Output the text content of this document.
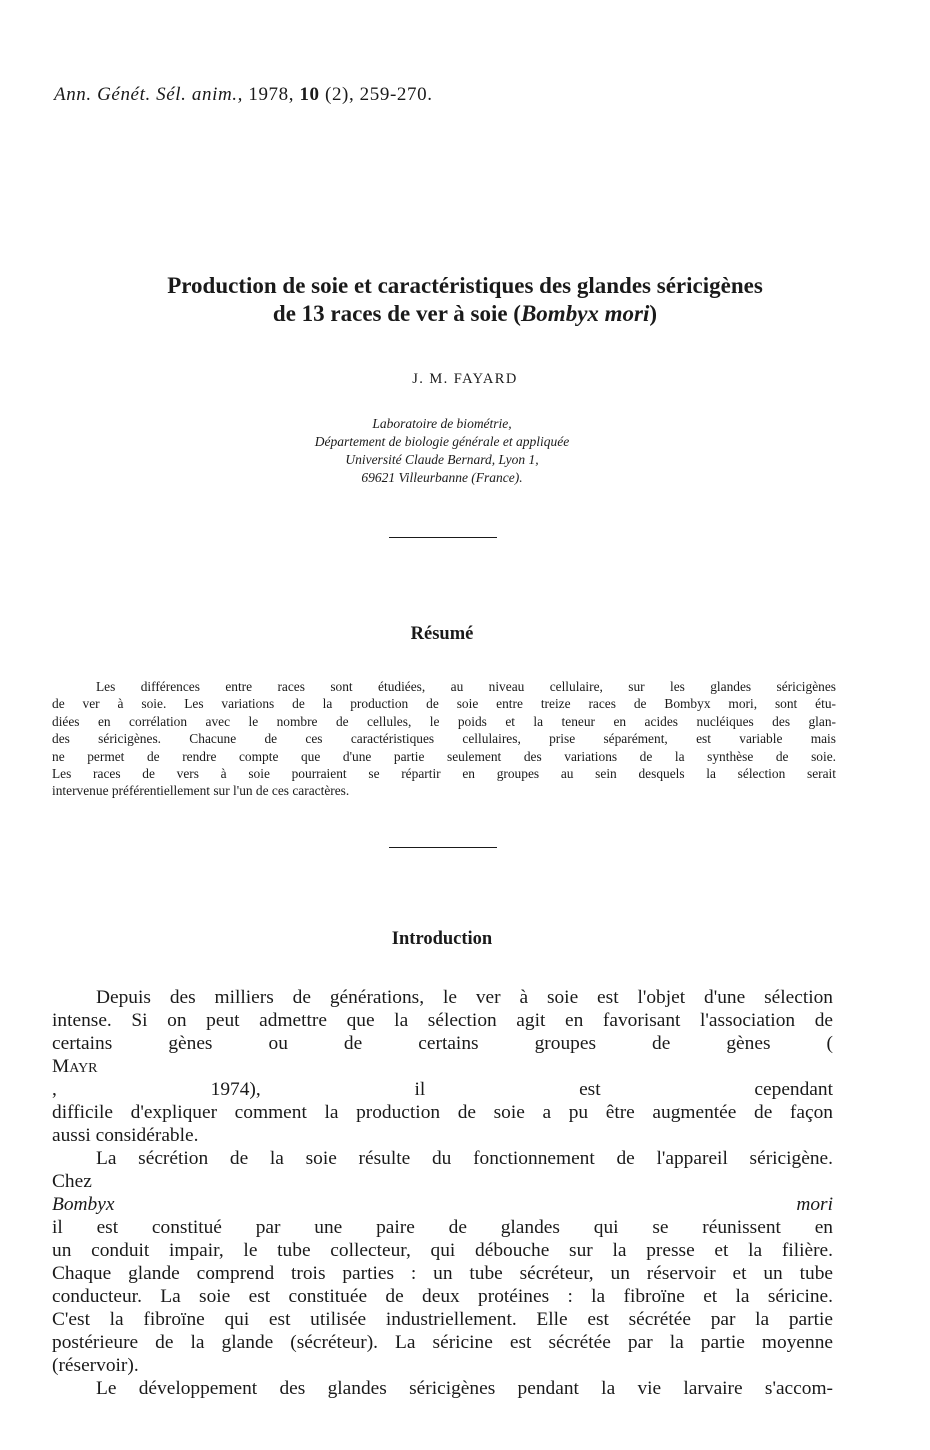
Ann. Génét. Sél. anim., 1978, 10 (2), 259-270.
Production de soie et caractéristiques des glandes séricigènes
de 13 races de ver à soie (Bombyx mori)
J. M. FAYARD
Laboratoire de biométrie,
Département de biologie générale et appliquée
Université Claude Bernard, Lyon 1,
69621 Villeurbanne (France).
Résumé
Les différences entre races sont étudiées, au niveau cellulaire, sur les glandes séricigènes
de ver à soie. Les variations de la production de soie entre treize races de Bombyx mori, sont étu-
diées en corrélation avec le nombre de cellules, le poids et la teneur en acides nucléiques des glan-
des séricigènes. Chacune de ces caractéristiques cellulaires, prise séparément, est variable mais
ne permet de rendre compte que d'une partie seulement des variations de la synthèse de soie.
Les races de vers à soie pourraient se répartir en groupes au sein desquels la sélection serait
intervenue préférentiellement sur l'un de ces caractères.
Introduction
Depuis des milliers de générations, le ver à soie est l'objet d'une sélection
intense. Si on peut admettre que la sélection agit en favorisant l'association de
certains gènes ou de certains groupes de gènes (
Mayr
, 1974), il est cependant
difficile d'expliquer comment la production de soie a pu être augmentée de façon
aussi considérable.
La sécrétion de la soie résulte du fonctionnement de l'appareil séricigène.
Chez
Bombyx mori
il est constitué par une paire de glandes qui se réunissent en
un conduit impair, le tube collecteur, qui débouche sur la presse et la filière.
Chaque glande comprend trois parties : un tube sécréteur, un réservoir et un tube
conducteur. La soie est constituée de deux protéines : la fibroïne et la séricine.
C'est la fibroïne qui est utilisée industriellement. Elle est sécrétée par la partie
postérieure de la glande (sécréteur). La séricine est sécrétée par la partie moyenne
(réservoir).
Le développement des glandes séricigènes pendant la vie larvaire s'accom-
